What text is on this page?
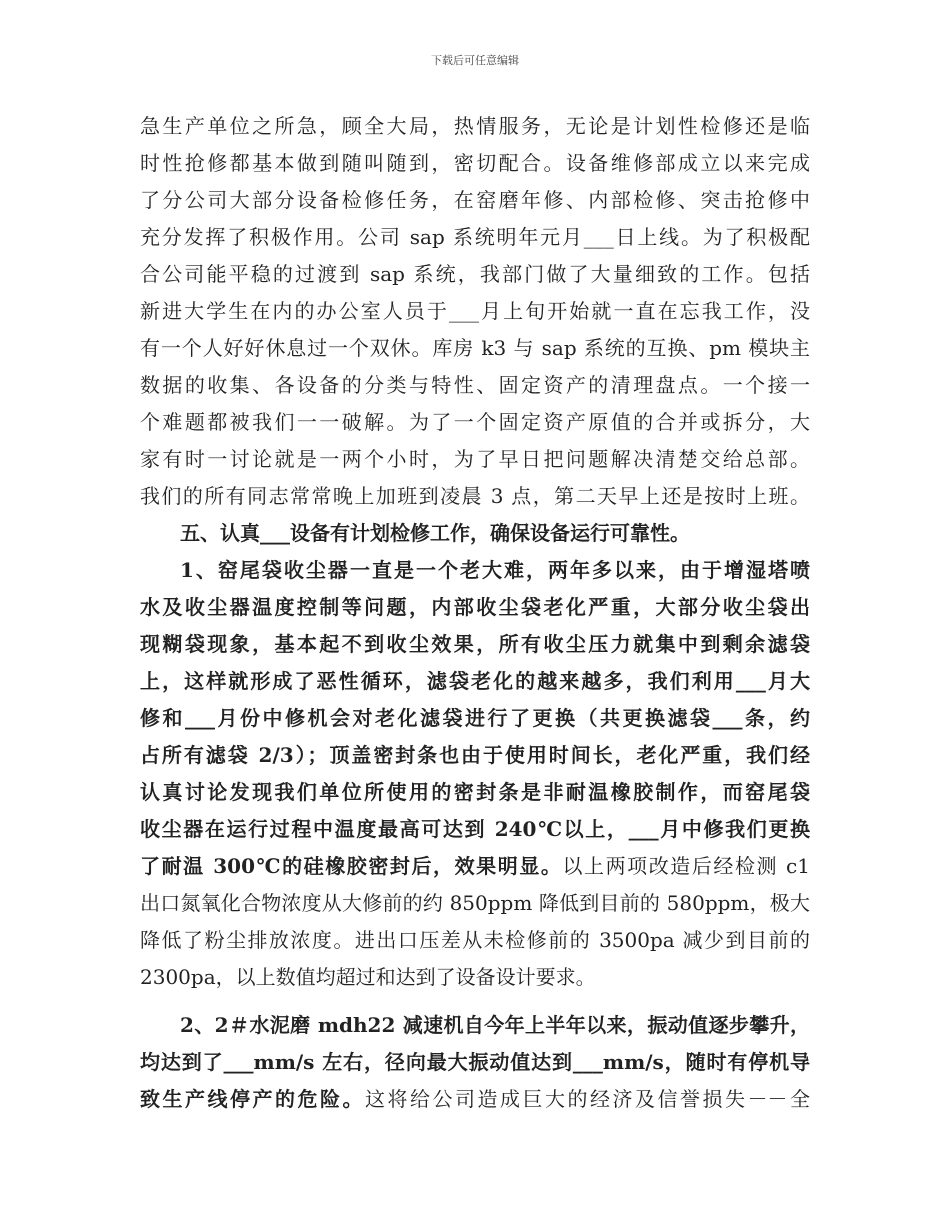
下载后可任意编辑

急生产单位之所急，顾全大局，热情服务，无论是计划性检修还是临

时性抢修都基本做到随叫随到，密切配合。设备维修部成立以来完成

了分公司大部分设备检修任务，在窑磨年修、内部检修、突击抢修中

充分发挥了积极作用。公司 sap 系统明年元月___日上线。为了积极配

合公司能平稳的过渡到 sap 系统，我部门做了大量细致的工作。包括

新进大学生在内的办公室人员于___月上旬开始就一直在忘我工作，没

有一个人好好休息过一个双休。库房 k3 与 sap 系统的互换、pm 模块主

数据的收集、各设备的分类与特性、固定资产的清理盘点。一个接一

个难题都被我们一一破解。为了一个固定资产原值的合并或拆分，大

家有时一讨论就是一两个小时，为了早日把问题解决清楚交给总部。

我们的所有同志常常晚上加班到凌晨 3 点，第二天早上还是按时上班。

五、认真___设备有计划检修工作，确保设备运行可靠性。

1、窑尾袋收尘器一直是一个老大难，两年多以来，由于增湿塔喷

水及收尘器温度控制等问题，内部收尘袋老化严重，大部分收尘袋出

现糊袋现象，基本起不到收尘效果，所有收尘压力就集中到剩余滤袋

上，这样就形成了恶性循环，滤袋老化的越来越多，我们利用___月大

修和___月份中修机会对老化滤袋进行了更换（共更换滤袋___条，约

占所有滤袋 2/3）；顶盖密封条也由于使用时间长，老化严重，我们经

认真讨论发现我们单位所使用的密封条是非耐温橡胶制作，而窑尾袋

收尘器在运行过程中温度最高可达到 240℃以上，___月中修我们更换

了耐温 300℃的硅橡胶密封后，效果明显。以上两项改造后经检测 c1

出口氮氧化合物浓度从大修前的约 850ppm 降低到目前的 580ppm，极大

降低了粉尘排放浓度。进出口压差从未检修前的 3500pa 减少到目前的

2300pa，以上数值均超过和达到了设备设计要求。

2、2＃水泥磨 mdh22 减速机自今年上半年以来，振动值逐步攀升，

均达到了___mm/s 左右，径向最大振动值达到___mm/s，随时有停机导

致生产线停产的危险。这将给公司造成巨大的经济及信誉损失－－全
